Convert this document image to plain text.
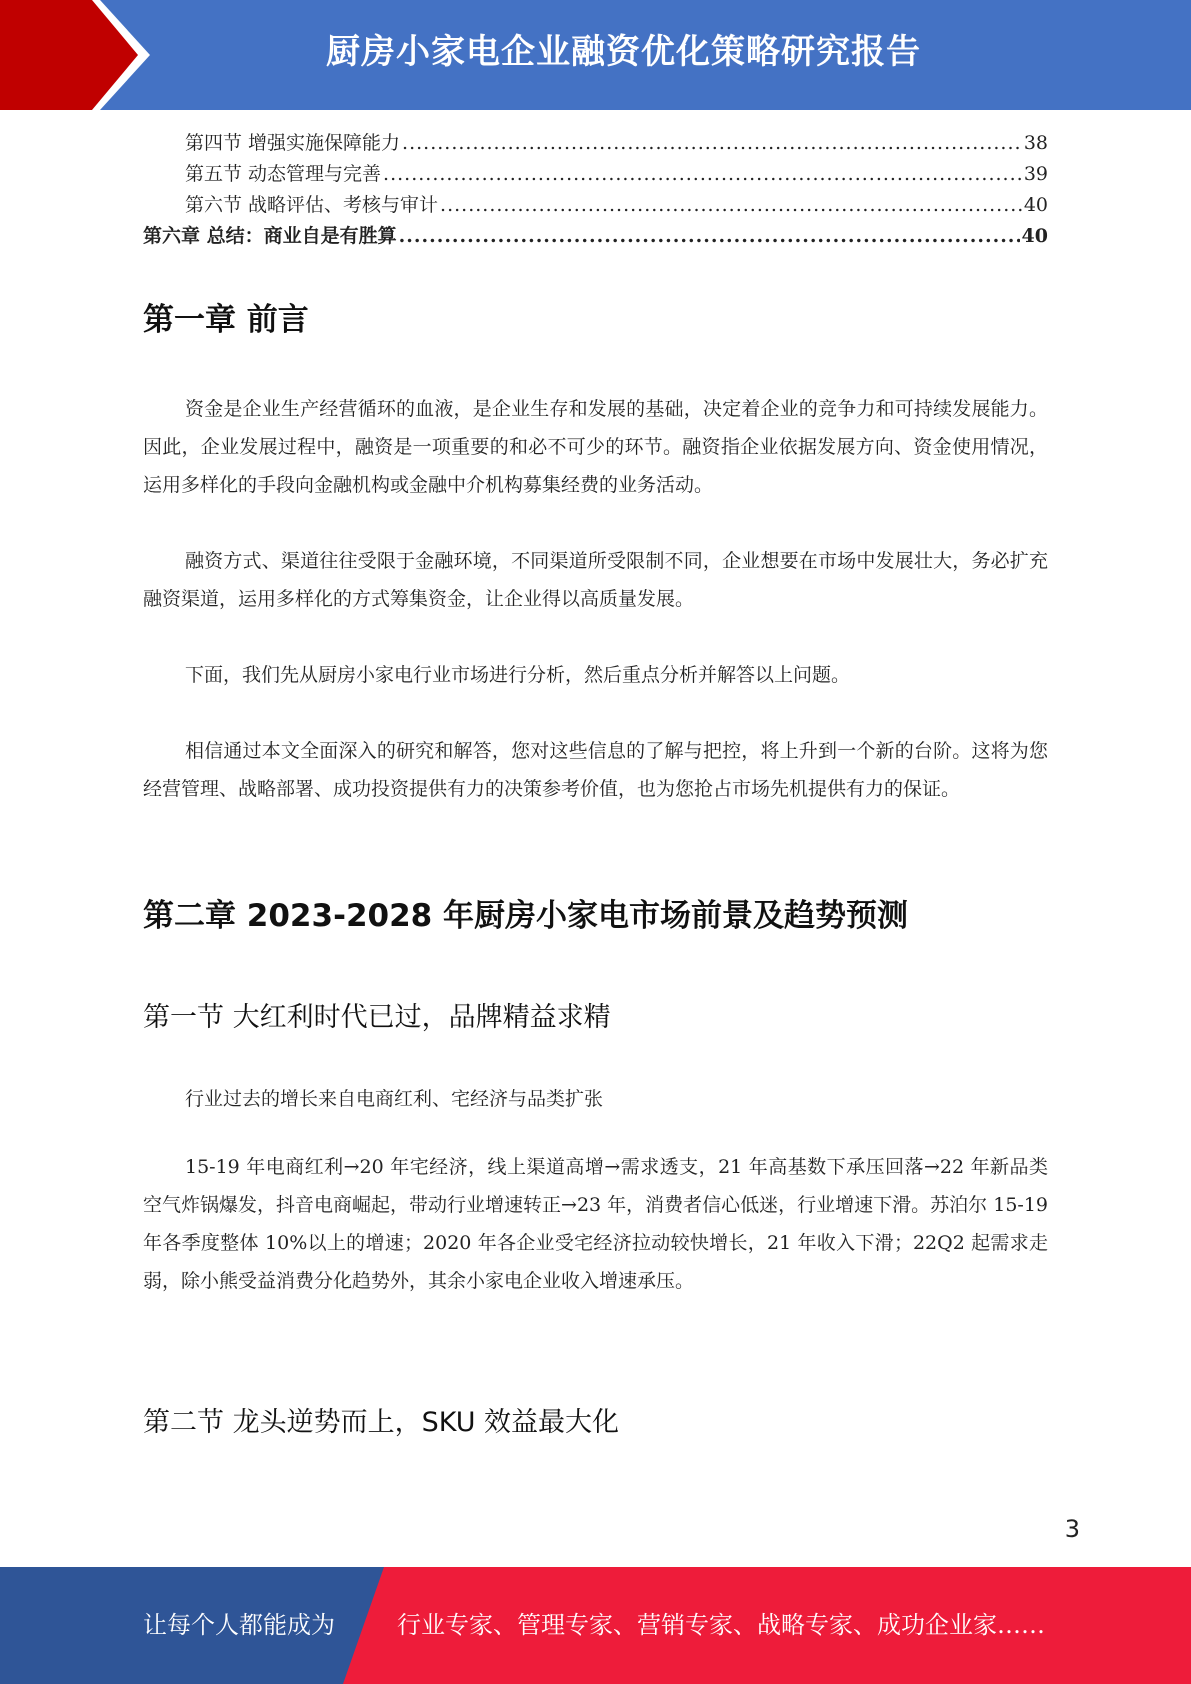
厨房小家电企业融资优化策略研究报告
第四节 增强实施保障能力 .....	38
第五节 动态管理与完善 .....	39
第六节 战略评估、考核与审计 .....	40
第六章 总结：商业自是有胜算 .....	40
第一章 前言
资金是企业生产经营循环的血液，是企业生存和发展的基础，决定着企业的竞争力和可持续发展能力。因此，企业发展过程中，融资是一项重要的和必不可少的环节。融资指企业依据发展方向、资金使用情况，运用多样化的手段向金融机构或金融中介机构募集经费的业务活动。
融资方式、渠道往往受限于金融环境，不同渠道所受限制不同，企业想要在市场中发展壮大，务必扩充融资渠道，运用多样化的方式筹集资金，让企业得以高质量发展。
下面，我们先从厨房小家电行业市场进行分析，然后重点分析并解答以上问题。
相信通过本文全面深入的研究和解答，您对这些信息的了解与把控，将上升到一个新的台阶。这将为您经营管理、战略部署、成功投资提供有力的决策参考价值，也为您抢占市场先机提供有力的保证。
第二章 2023-2028 年厨房小家电市场前景及趋势预测
第一节 大红利时代已过，品牌精益求精
行业过去的增长来自电商红利、宅经济与品类扩张
15-19 年电商红利→20 年宅经济，线上渠道高增→需求透支，21 年高基数下承压回落→22 年新品类空气炸锅爆发，抖音电商崛起，带动行业增速转正→23 年，消费者信心低迷，行业增速下滑。苏泊尔 15-19 年各季度整体 10%以上的增速；2020 年各企业受宅经济拉动较快增长，21 年收入下滑；22Q2 起需求走弱，除小熊受益消费分化趋势外，其余小家电企业收入增速承压。
第二节 龙头逆势而上，SKU 效益最大化
3
让每个人都能成为	行业专家、管理专家、营销专家、战略专家、成功企业家……
